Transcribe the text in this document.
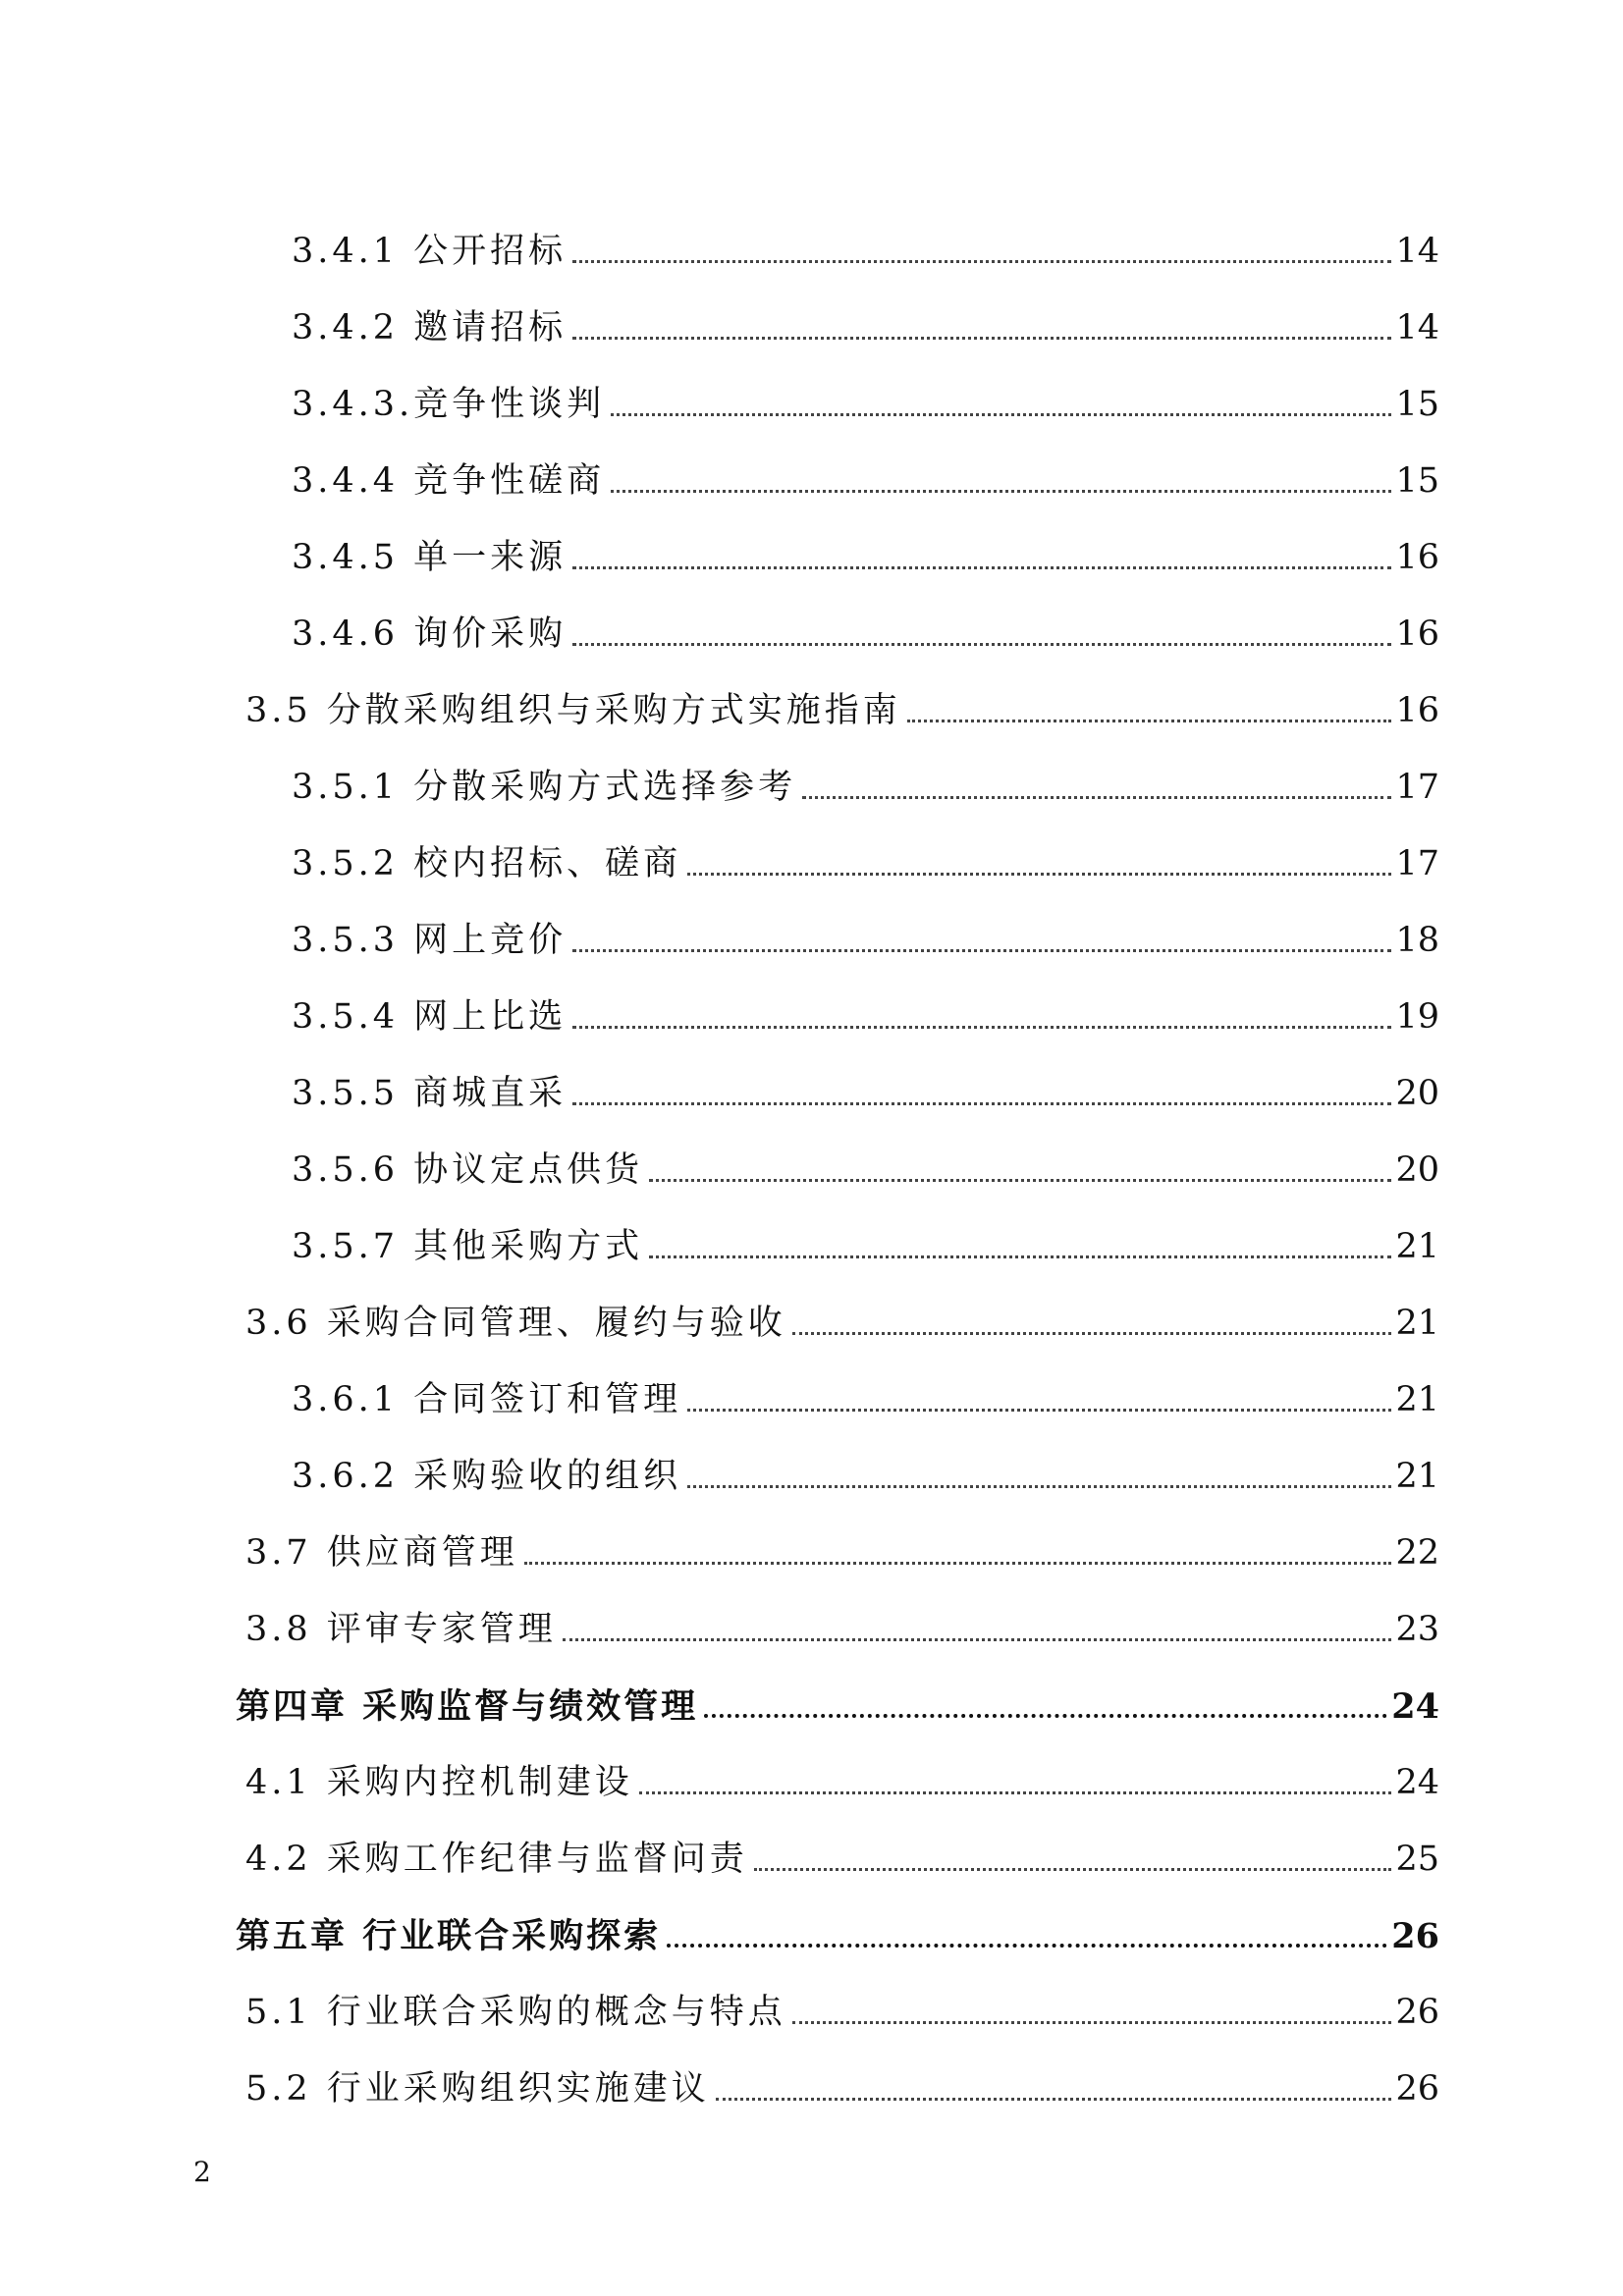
3.4.1 公开招标	14
3.4.2 邀请招标	14
3.4.3.竞争性谈判	15
3.4.4 竞争性磋商	15
3.4.5 单一来源	16
3.4.6 询价采购	16
3.5 分散采购组织与采购方式实施指南	16
3.5.1 分散采购方式选择参考	17
3.5.2 校内招标、磋商	17
3.5.3 网上竞价	18
3.5.4 网上比选	19
3.5.5 商城直采	20
3.5.6 协议定点供货	20
3.5.7 其他采购方式	21
3.6 采购合同管理、履约与验收	21
3.6.1 合同签订和管理	21
3.6.2 采购验收的组织	21
3.7 供应商管理	22
3.8 评审专家管理	23
第四章 采购监督与绩效管理	24
4.1 采购内控机制建设	24
4.2 采购工作纪律与监督问责	25
第五章 行业联合采购探索	26
5.1 行业联合采购的概念与特点	26
5.2 行业采购组织实施建议	26
2
